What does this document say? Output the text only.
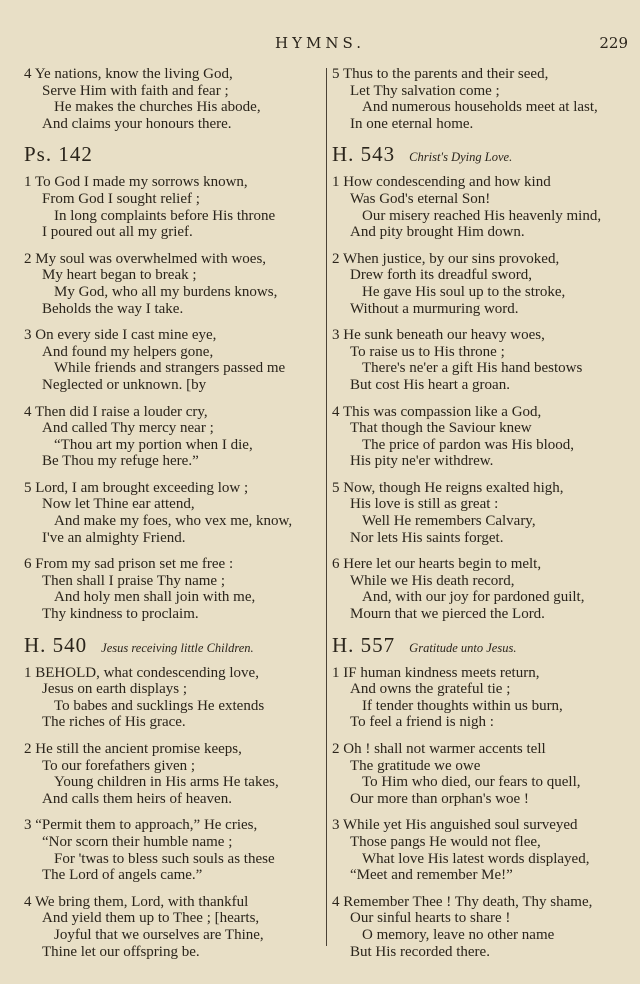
HYMNS.	229
4 Ye nations, know the living God,
Serve Him with faith and fear ;
He makes the churches His abode,
And claims your honours there.
Ps. 142
1 To God I made my sorrows known,
From God I sought relief ;
In long complaints before His throne
I poured out all my grief.
2 My soul was overwhelmed with woes,
My heart began to break ;
My God, who all my burdens knows,
Beholds the way I take.
3 On every side I cast mine eye,
And found my helpers gone,
While friends and strangers passed me
Neglected or unknown. [by
4 Then did I raise a louder cry,
And called Thy mercy near ;
“Thou art my portion when I die,
Be Thou my refuge here.”
5 Lord, I am brought exceeding low ;
Now let Thine ear attend,
And make my foes, who vex me, know,
I've an almighty Friend.
6 From my sad prison set me free :
Then shall I praise Thy name ;
And holy men shall join with me,
Thy kindness to proclaim.
H. 540 Jesus receiving little Children.
1 BEHOLD, what condescending love,
Jesus on earth displays ;
To babes and sucklings He extends
The riches of His grace.
2 He still the ancient promise keeps,
To our forefathers given ;
Young children in His arms He takes,
And calls them heirs of heaven.
3 “Permit them to approach,” He cries,
“Nor scorn their humble name ;
For 'twas to bless such souls as these
The Lord of angels came.”
4 We bring them, Lord, with thankful
And yield them up to Thee ; [hearts,
Joyful that we ourselves are Thine,
Thine let our offspring be.
5 Thus to the parents and their seed,
Let Thy salvation come ;
And numerous households meet at last,
In one eternal home.
H. 543 Christ's Dying Love.
1 How condescending and how kind
Was God's eternal Son!
Our misery reached His heavenly mind,
And pity brought Him down.
2 When justice, by our sins provoked,
Drew forth its dreadful sword,
He gave His soul up to the stroke,
Without a murmuring word.
3 He sunk beneath our heavy woes,
To raise us to His throne ;
There's ne'er a gift His hand bestows
But cost His heart a groan.
4 This was compassion like a God,
That though the Saviour knew
The price of pardon was His blood,
His pity ne'er withdrew.
5 Now, though He reigns exalted high,
His love is still as great :
Well He remembers Calvary,
Nor lets His saints forget.
6 Here let our hearts begin to melt,
While we His death record,
And, with our joy for pardoned guilt,
Mourn that we pierced the Lord.
H. 557 Gratitude unto Jesus.
1 IF human kindness meets return,
And owns the grateful tie ;
If tender thoughts within us burn,
To feel a friend is nigh :
2 Oh ! shall not warmer accents tell
The gratitude we owe
To Him who died, our fears to quell,
Our more than orphan's woe !
3 While yet His anguished soul surveyed
Those pangs He would not flee,
What love His latest words displayed,
“Meet and remember Me!”
4 Remember Thee ! Thy death, Thy shame,
Our sinful hearts to share !
O memory, leave no other name
But His recorded there.
